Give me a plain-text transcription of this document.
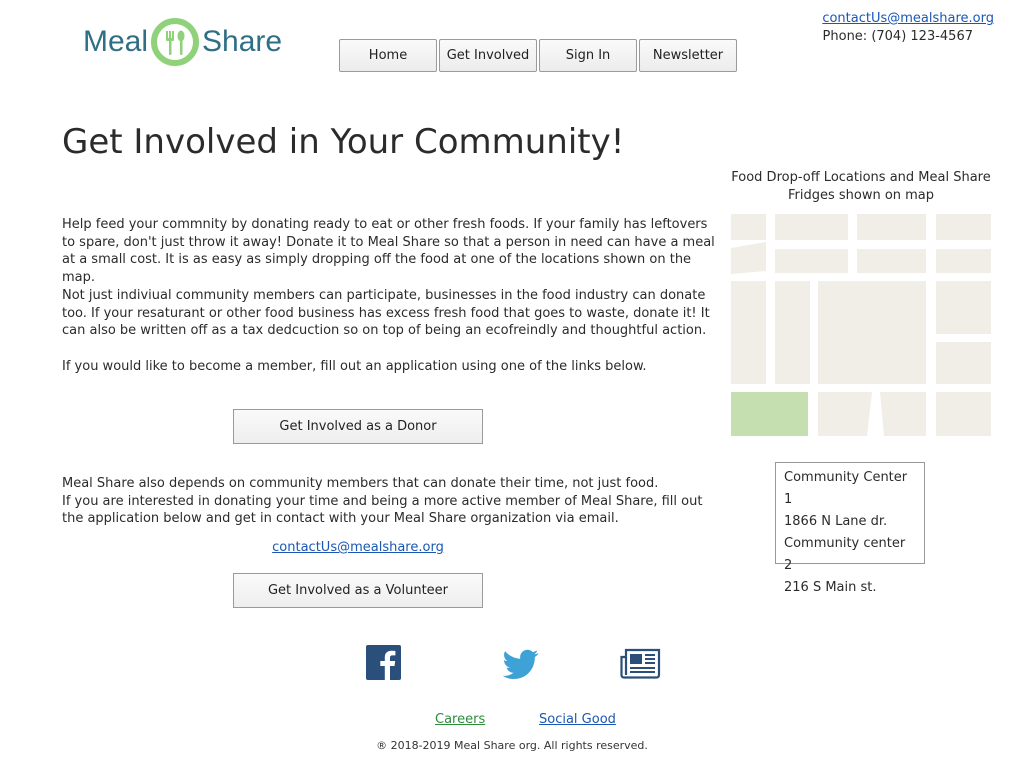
Meal Share	Home	Get Involved	Sign In	Newsletter
contactUs@mealshare.org
Phone: (704) 123-4567
Get Involved in Your Community!

Help feed your commnity by donating ready to eat or other fresh foods. If your family has leftovers to spare, don't just throw it away! Donate it to Meal Share so that a person in need can have a meal at a small cost. It is as easy as simply dropping off the food at one of the locations shown on the map.

Not just indiviual community members can participate, businesses in the food industry can donate too. If your resaturant or other food business has excess fresh food that goes to waste, donate it! It can also be written off as a tax dedcuction so on top of being an ecofreindly and thoughtful action.

If you would like to become a member, fill out an application using one of the links below.

Get Involved as a Donor

Meal Share also depends on community members that can donate their time, not just food.
If you are interested in donating your time and being a more active member of Meal Share, fill out the application below and get in contact with your Meal Share organization via email.

contactUs@mealshare.org
Get Involved as a Volunteer
Food Drop-off Locations and Meal Share Fridges shown on map
Community Center 1
1866 N Lane dr.
Community center 2
216 S Main st.
Careers	Social Good
® 2018-2019 Meal Share org. All rights reserved.
